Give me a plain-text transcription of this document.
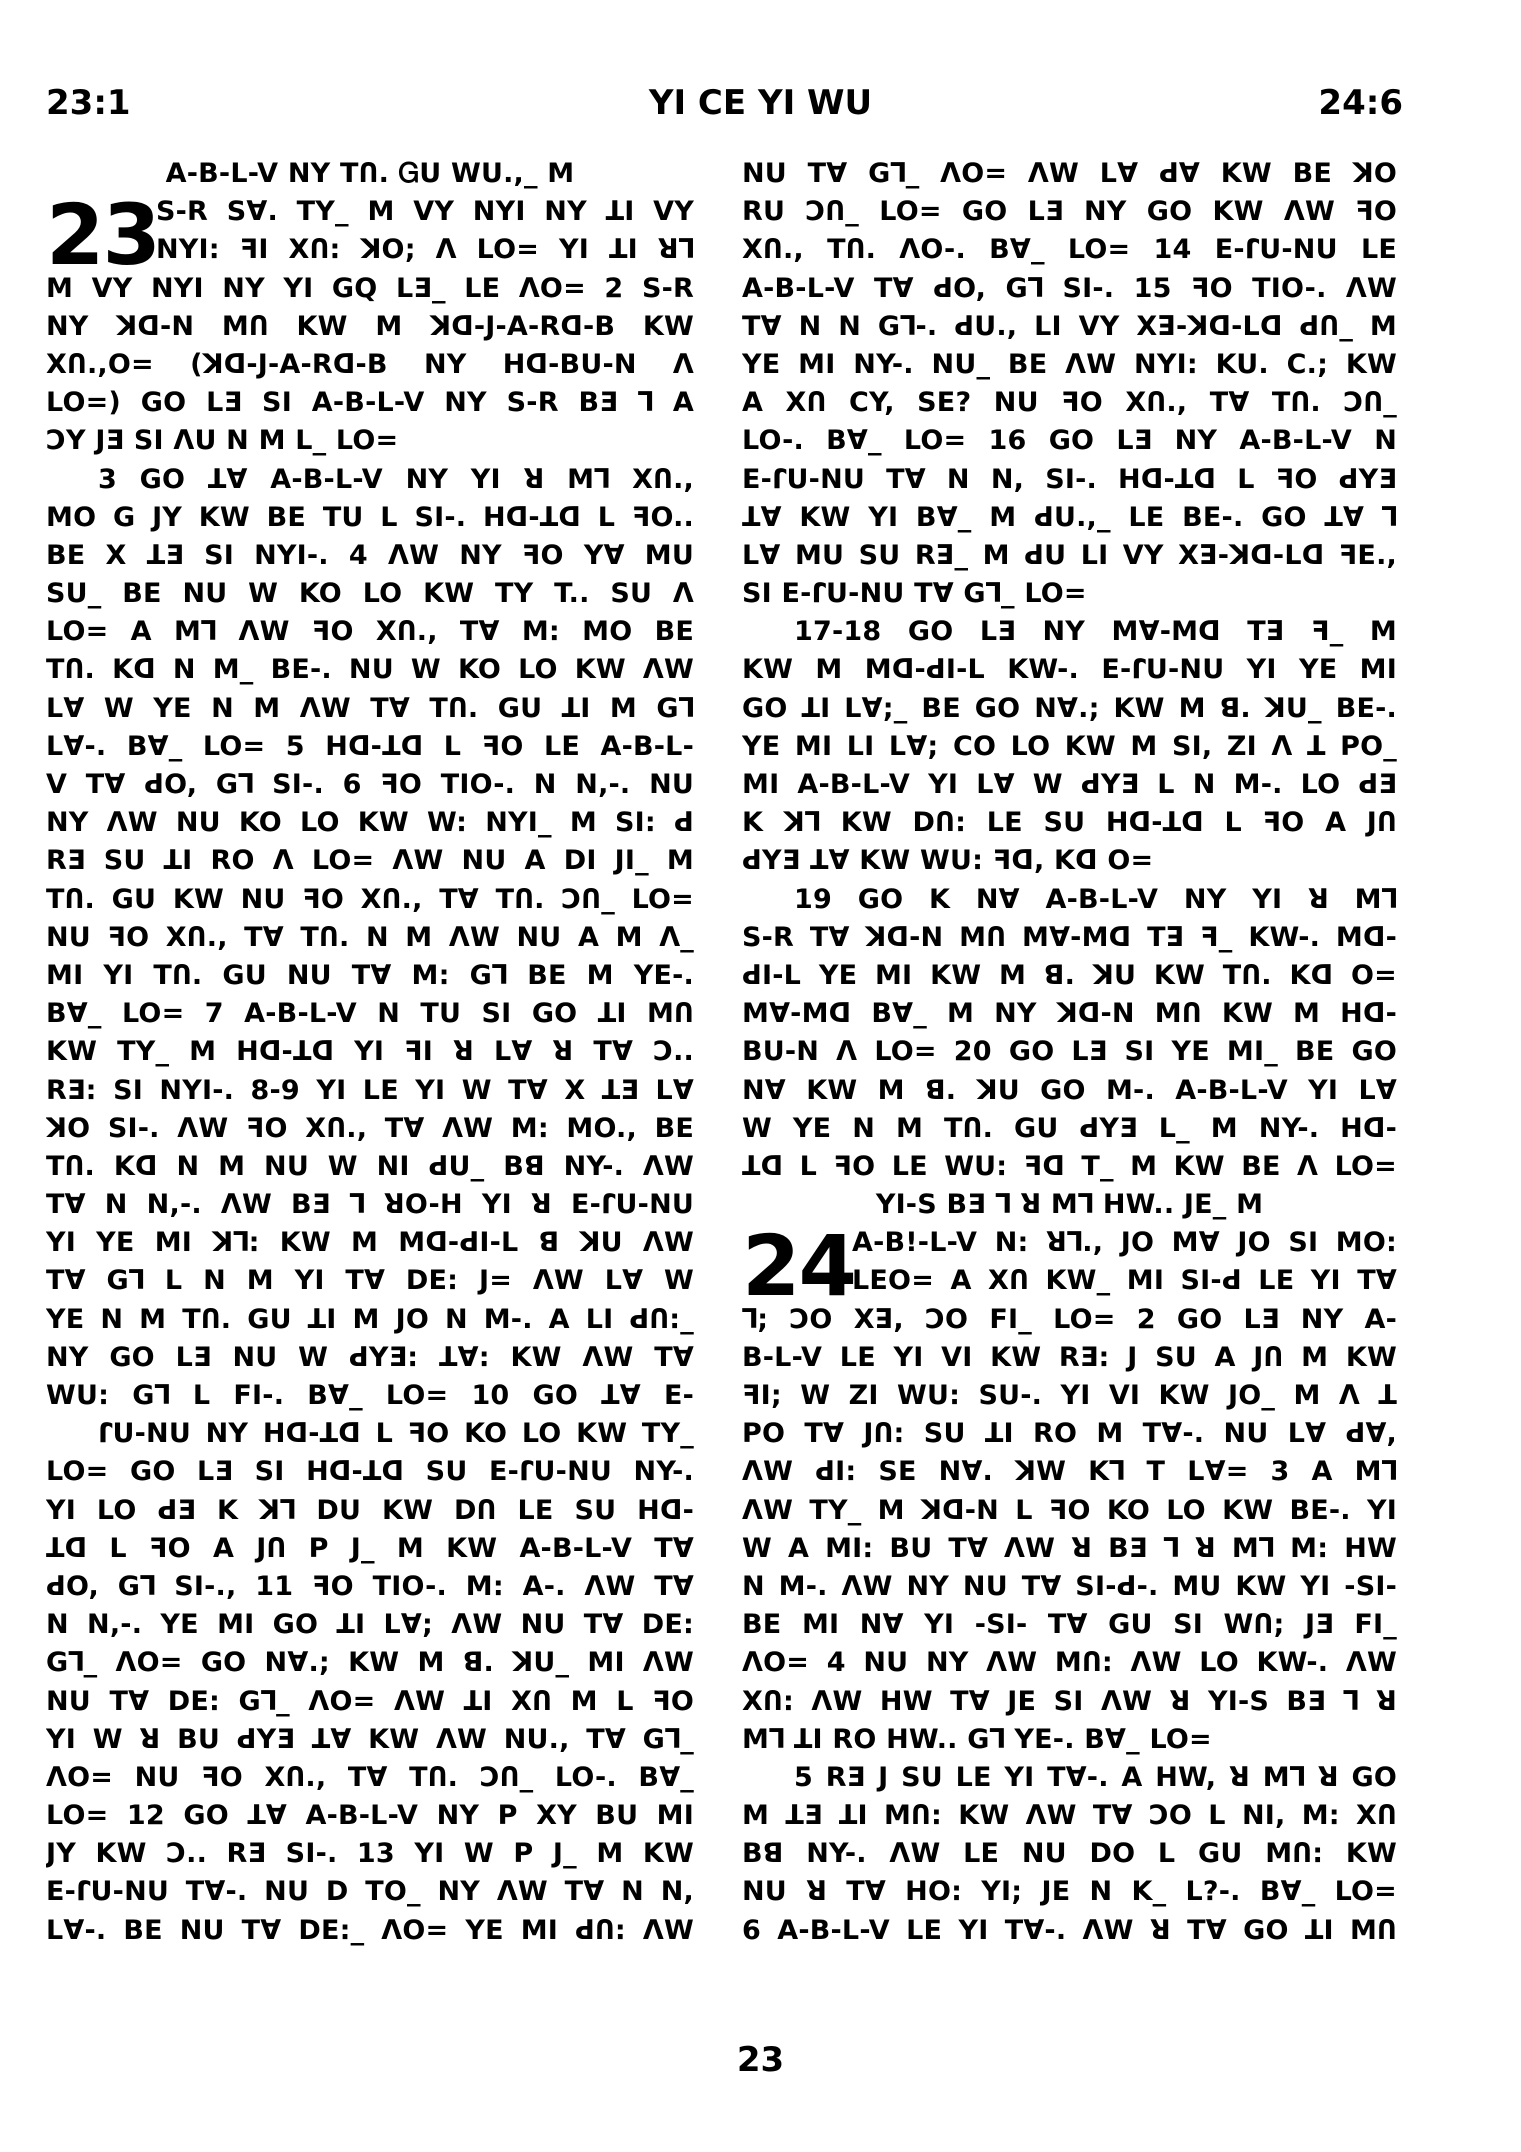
23:1	YI CE YI WU	24:6
A-B-L-V NY TՈ. ᏀU WU.,_ M
23
S-R Sꓯ. TY_ M VY NYI NY ꓕI VY
NYI: ꟻI XՈ: ꓘO; ꓥ LO= YI ꓕI ꓤꓶ
M VY NYI NY YI GQ LƎ_ LE ꓥO= 2 S-R
NY ꓘꓷ-N MՈ KW M ꓘꓷ-J-A-Rꓷ-B KW
XՈ.,O= (ꓘꓷ-J-A-Rꓷ-B NY Hꓷ-BU-N ꓥ
LO=) GO LƎ SI A-B-L-V NY S-R BƎ ꓶ A
ƆY JƎ SI ꓥU N M L_ LO=
3 GO ꓕꓯ A-B-L-V NY YI ꓤ Mꓶ XՈ.,
MO G JY KW BE TU L SI-. Hꓷ-ꓕꓷ L ꟻO..
BE X ꓕƎ SI NYI-. 4 ꓥW NY ꟻO Yꓯ MU
SU_ BE NU W KO LO KW TY T.. SU ꓥ
LO= A Mꓶ ꓥW ꟻO XՈ., Tꓯ M: MO BE
TՈ. Kꓷ N M_ BE-. NU W KO LO KW ꓥW
Lꓯ W YE N M ꓥW Tꓯ TՈ. GU ꓕI M Gꓶ
Lꓯ-. Bꓯ_ LO= 5 Hꓷ-ꓕꓷ L ꟻO LE A-B-L-
V Tꓯ ꓒO, Gꓶ SI-. 6 ꟻO TIO-. N N,-. NU
NY ꓥW NU KO LO KW W: NYI_ M SI: ꓒ
RƎ SU ꓕI RO ꓥ LO= ꓥW NU A DI JI_ M
TՈ. GU KW NU ꟻO XՈ., Tꓯ TՈ. ƆՈ_ LO=
NU ꟻO XՈ., Tꓯ TՈ. N M ꓥW NU A M ꓥ_
MI YI TՈ. GU NU Tꓯ M: Gꓶ BE M YE-.
Bꓯ_ LO= 7 A-B-L-V N TU SI GO ꓕI MՈ
KW TY_ M Hꓷ-ꓕꓷ YI ꟻI ꓤ Lꓯ ꓤ Tꓯ Ɔ..
RƎ: SI NYI-. 8-9 YI LE YI W Tꓯ X ꓕƎ Lꓯ
ꓘO SI-. ꓥW ꟻO XՈ., Tꓯ ꓥW M: MO., BE
TՈ. Kꓷ N M NU W NI ꓒU_ Bꓭ NY-. ꓥW
Tꓯ N N,-. ꓥW BƎ ꓶ ꓤO-H YI ꓤ E-ꓩU-NU
YI YE MI ꓘꓶ: KW M Mꓷ-ꓒI-L ꓭ ꓘU ꓥW
Tꓯ Gꓶ L N M YI Tꓯ DE: J= ꓥW Lꓯ W
YE N M TՈ. GU ꓕI M JO N M-. A LI ꓒՈ:_
NY GO LƎ NU W ꓒYƎ: ꓕꓯ: KW ꓥW Tꓯ
WU: Gꓶ L FI-. Bꓯ_ LO= 10 GO ꓕꓯ E-
ꓩU-NU NY Hꓷ-ꓕꓷ L ꟻO KO LO KW TY_
LO= GO LƎ SI Hꓷ-ꓕꓷ SU E-ꓩU-NU NY-.
YI LO ꓒƎ K ꓘꓶ DU KW DՈ LE SU Hꓷ-
ꓕꓷ L ꟻO A JՈ P J_ M KW A-B-L-V Tꓯ
ꓒO, Gꓶ SI-., 11 ꟻO TIO-. M: A-. ꓥW Tꓯ
N N,-. YE MI GO ꓕI Lꓯ; ꓥW NU Tꓯ DE:
Gꓶ_ ꓥO= GO Nꓯ.; KW M ꓭ. ꓘU_ MI ꓥW
NU Tꓯ DE: Gꓶ_ ꓥO= ꓥW ꓕI XՈ M L ꟻO
YI W ꓤ BU ꓒYƎ ꓕꓯ KW ꓥW NU., Tꓯ Gꓶ_
ꓥO= NU ꟻO XՈ., Tꓯ TՈ. ƆՈ_ LO-. Bꓯ_
LO= 12 GO ꓕꓯ A-B-L-V NY P XY BU MI
JY KW Ɔ.. RƎ SI-. 13 YI W P J_ M KW
E-ꓩU-NU Tꓯ-. NU D TO_ NY ꓥW Tꓯ N N,
Lꓯ-. BE NU Tꓯ DE:_ ꓥO= YE MI ꓒՈ: ꓥW
NU Tꓯ Gꓶ_ ꓥO= ꓥW Lꓯ ꓒꓯ KW BE ꓘO
RU ƆՈ_ LO= GO LƎ NY GO KW ꓥW ꟻO
XՈ., TՈ. ꓥO-. Bꓯ_ LO= 14 E-ꓩU-NU LE
A-B-L-V Tꓯ ꓒO, Gꓶ SI-. 15 ꟻO TIO-. ꓥW
Tꓯ N N Gꓶ-. ꓒU., LI VY Xꓱ-ꓘꓷ-Lꓷ ꓒՈ_ M
YE MI NY-. NU_ BE ꓥW NYI: KU. C.; KW
A XՈ CY, SE? NU ꟻO XՈ., Tꓯ TՈ. ƆՈ_
LO-. Bꓯ_ LO= 16 GO LƎ NY A-B-L-V N
E-ꓩU-NU Tꓯ N N, SI-. Hꓷ-ꓕꓷ L ꟻO ꓒYƎ
ꓕꓯ KW YI Bꓯ_ M ꓒU.,_ LE BE-. GO ꓕꓯ ꓶ
Lꓯ MU SU Rꓱ_ M ꓒU LI VY Xꓱ-ꓘꓷ-Lꓷ ꟻE.,
SI E-ꓩU-NU Tꓯ Gꓶ_ LO=
17-18 GO LƎ NY Mꓯ-Mꓷ Tꓱ ꟻ_ M
KW M Mꓷ-ꓒI-L KW-. E-ꓩU-NU YI YE MI
GO ꓕI Lꓯ;_ BE GO Nꓯ.; KW M ꓭ. ꓘU_ BE-.
YE MI LI Lꓯ; CO LO KW M SI, ZI ꓥ ꓕ PO_
MI A-B-L-V YI Lꓯ W ꓒYƎ L N M-. LO ꓒƎ
K ꓘꓶ KW DՈ: LE SU Hꓷ-ꓕꓷ L ꟻO A JՈ
ꓒYƎ ꓕꓯ KW WU: ꟻꓷ, Kꓷ O=
19 GO K Nꓯ A-B-L-V NY YI ꓤ Mꓶ
S-R Tꓯ ꓘꓷ-N MՈ Mꓯ-Mꓷ Tꓱ ꟻ_ KW-. Mꓷ-
ꓒI-L YE MI KW M ꓭ. ꓘU KW TՈ. Kꓷ O=
Mꓯ-Mꓷ Bꓯ_ M NY ꓘꓷ-N MՈ KW M Hꓷ-
BU-N ꓥ LO= 20 GO LƎ SI YE MI_ BE GO
Nꓯ KW M ꓭ. ꓘU GO M-. A-B-L-V YI Lꓯ
W YE N M TՈ. GU ꓒYƎ L_ M NY-. Hꓷ-
ꓕꓷ L ꟻO LE WU: ꟻꓷ T_ M KW BE ꓥ LO=
YI-S BƎ ꓶ ꓤ Mꓶ HW.. JE_ M
24
A-B!-L-V N: ꓤꓶ., JO Mꓯ JO SI MO:
LEO= A XՈ KW_ MI SI-ꓒ LE YI Tꓯ
ꓶ; ƆO Xꓱ, ƆO FI_ LO= 2 GO LƎ NY A-
B-L-V LE YI VI KW RƎ: J SU A JՈ M KW
ꟻI; W ZI WU: SU-. YI VI KW JO_ M ꓥ ꓕ
PO Tꓯ JՈ: SU ꓕI RO M Tꓯ-. NU Lꓯ ꓒꓯ,
ꓥW ꓒI: SE Nꓯ. ꓘW Kꓶ T Lꓯ= 3 A Mꓶ
ꓥW TY_ M ꓘꓷ-N L ꟻO KO LO KW BE-. YI
W A MI: BU Tꓯ ꓥW ꓤ BƎ ꓶ ꓤ Mꓶ M: HW
N M-. ꓥW NY NU Tꓯ SI-ꓒ-. MU KW YI -SI-
BE MI Nꓯ YI -SI- Tꓯ GU SI WՈ; JƎ FI_
ꓥO= 4 NU NY ꓥW MՈ: ꓥW LO KW-. ꓥW
XՈ: ꓥW HW Tꓯ JE SI ꓥW ꓤ YI-S BƎ ꓶ ꓤ
Mꓶ ꓕI RO HW.. Gꓶ YE-. Bꓯ_ LO=
5 RƎ J SU LE YI Tꓯ-. A HW, ꓤ Mꓶ ꓤ GO
M ꓕƎ ꓕI MՈ: KW ꓥW Tꓯ ƆO L NI, M: XՈ
Bꓭ NY-. ꓥW LE NU DO L GU MՈ: KW
NU ꓤ Tꓯ HO: YI; JE N K_ L?-. Bꓯ_ LO=
6 A-B-L-V LE YI Tꓯ-. ꓥW ꓤ Tꓯ GO ꓕI MՈ
23
